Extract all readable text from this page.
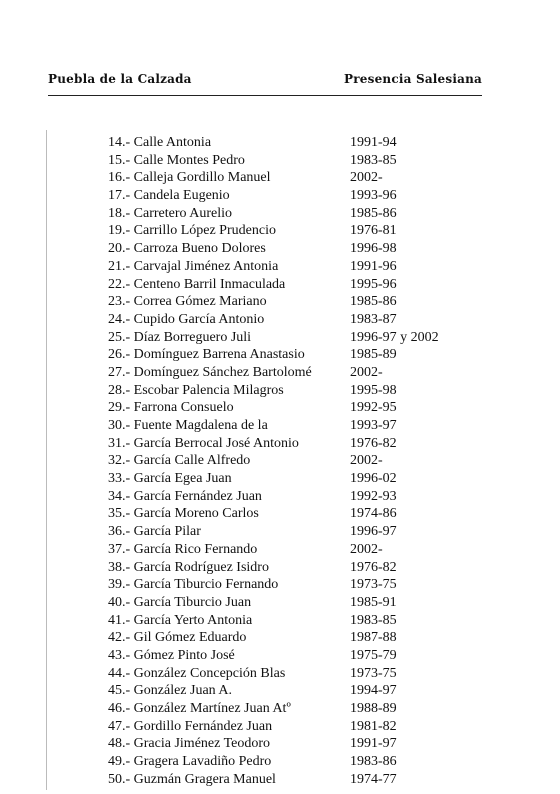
Puebla de la Calzada	Presencia Salesiana
14.- Calle Antonia	1991-94
15.- Calle Montes Pedro	1983-85
16.- Calleja Gordillo Manuel	2002-
17.- Candela Eugenio	1993-96
18.- Carretero Aurelio	1985-86
19.- Carrillo López Prudencio	1976-81
20.- Carroza Bueno Dolores	1996-98
21.- Carvajal Jiménez Antonia	1991-96
22.- Centeno Barril Inmaculada	1995-96
23.- Correa Gómez Mariano	1985-86
24.- Cupido García Antonio	1983-87
25.- Díaz Borreguero Juli	1996-97 y 2002
26.- Domínguez Barrena Anastasio	1985-89
27.- Domínguez Sánchez Bartolomé	2002-
28.- Escobar Palencia Milagros	1995-98
29.- Farrona Consuelo	1992-95
30.- Fuente Magdalena de la	1993-97
31.- García Berrocal José Antonio	1976-82
32.- García Calle Alfredo	2002-
33.- García Egea Juan	1996-02
34.- García Fernández Juan	1992-93
35.- García Moreno Carlos	1974-86
36.- García Pilar	1996-97
37.- García Rico Fernando	2002-
38.- García Rodríguez Isidro	1976-82
39.- García Tiburcio Fernando	1973-75
40.- García Tiburcio Juan	1985-91
41.- García Yerto Antonia	1983-85
42.- Gil Gómez Eduardo	1987-88
43.- Gómez Pinto José	1975-79
44.- González Concepción Blas	1973-75
45.- González Juan A.	1994-97
46.- González Martínez Juan Atº	1988-89
47.- Gordillo Fernández Juan	1981-82
48.- Gracia Jiménez Teodoro	1991-97
49.- Gragera Lavadiño Pedro	1983-86
50.- Guzmán Gragera Manuel	1974-77
